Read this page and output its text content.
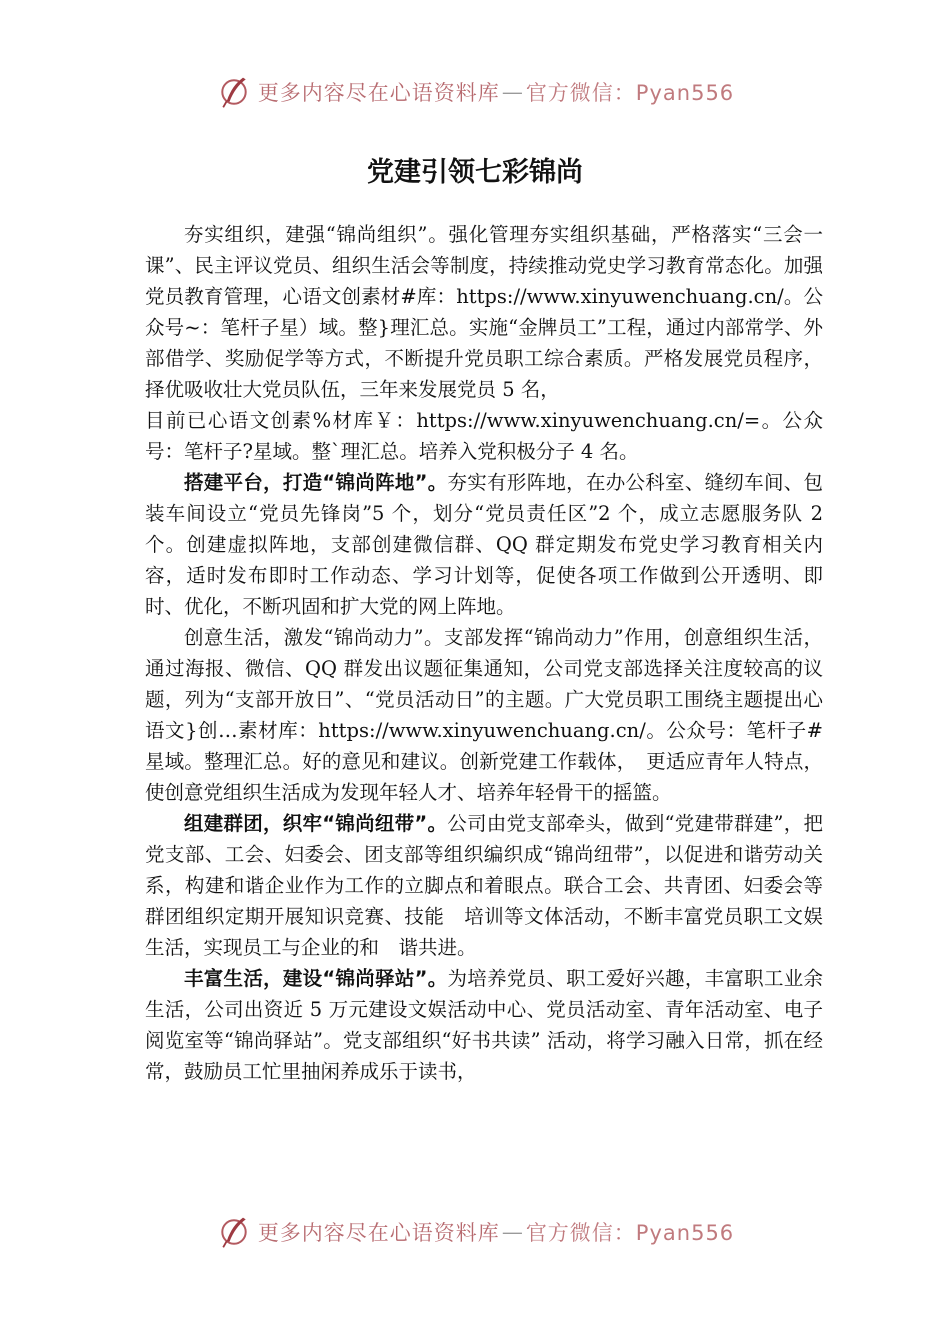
更多内容尽在心语资料库 — 官方微信：Pyan556
党建引领七彩锦尚

夯实组织，建强“锦尚组织”。强化管理夯实组织基础，严格落实“三会一课”、民主评议党员、组织生活会等制度，持续推动党史学习教育常态化。加强党员教育管理，心语文创素材#库：https://www.xinyuwenchuang.cn/。公众号~：笔杆子星）域。整}理汇总。实施“金牌员工”工程，通过内部常学、外部借学、奖励促学等方式，不断提升党员职工综合素质。严格发展党员程序，择优吸收壮大党员队伍，三年来发展党员 5 名，

目前已心语文创素%材库￥：https://www.xinyuwenchuang.cn/=。公众号：笔杆子?星域。整`理汇总。培养入党积极分子 4 名。

搭建平台，打造“锦尚阵地”。夯实有形阵地，在办公科室、缝纫车间、包装车间设立“党员先锋岗”5 个，划分“党员责任区”2 个，成立志愿服务队 2 个。创建虚拟阵地，支部创建微信群、QQ 群定期发布党史学习教育相关内容，适时发布即时工作动态、学习计划等，促使各项工作做到公开透明、即时、优化，不断巩固和扩大党的网上阵地。

创意生活，激发“锦尚动力”。支部发挥“锦尚动力”作用，创意组织生活，通过海报、微信、QQ 群发出议题征集通知，公司党支部选择关注度较高的议题，列为“支部开放日”、“党员活动日”的主题。广大党员职工围绕主题提出心语文}创…素材库：https://www.xinyuwenchuang.cn/。公众号：笔杆子#星域。整理汇总。好的意见和建议。创新党建工作载体，　更适应青年人特点，使创意党组织生活成为发现年轻人才、培养年轻骨干的摇篮。

组建群团，织牢“锦尚纽带”。公司由党支部牵头，做到“党建带群建”，把党支部、工会、妇委会、团支部等组织编织成“锦尚纽带”，以促进和谐劳动关系，构建和谐企业作为工作的立脚点和着眼点。联合工会、共青团、妇委会等群团组织定期开展知识竞赛、技能　培训等文体活动，不断丰富党员职工文娱生活，实现员工与企业的和　谐共进。

丰富生活，建设“锦尚驿站”。为培养党员、职工爱好兴趣，丰富职工业余生活，公司出资近 5 万元建设文娱活动中心、党员活动室、青年活动室、电子阅览室等“锦尚驿站”。党支部组织“好书共读” 活动，将学习融入日常，抓在经常，鼓励员工忙里抽闲养成乐于读书，

更多内容尽在心语资料库 — 官方微信：Pyan556
